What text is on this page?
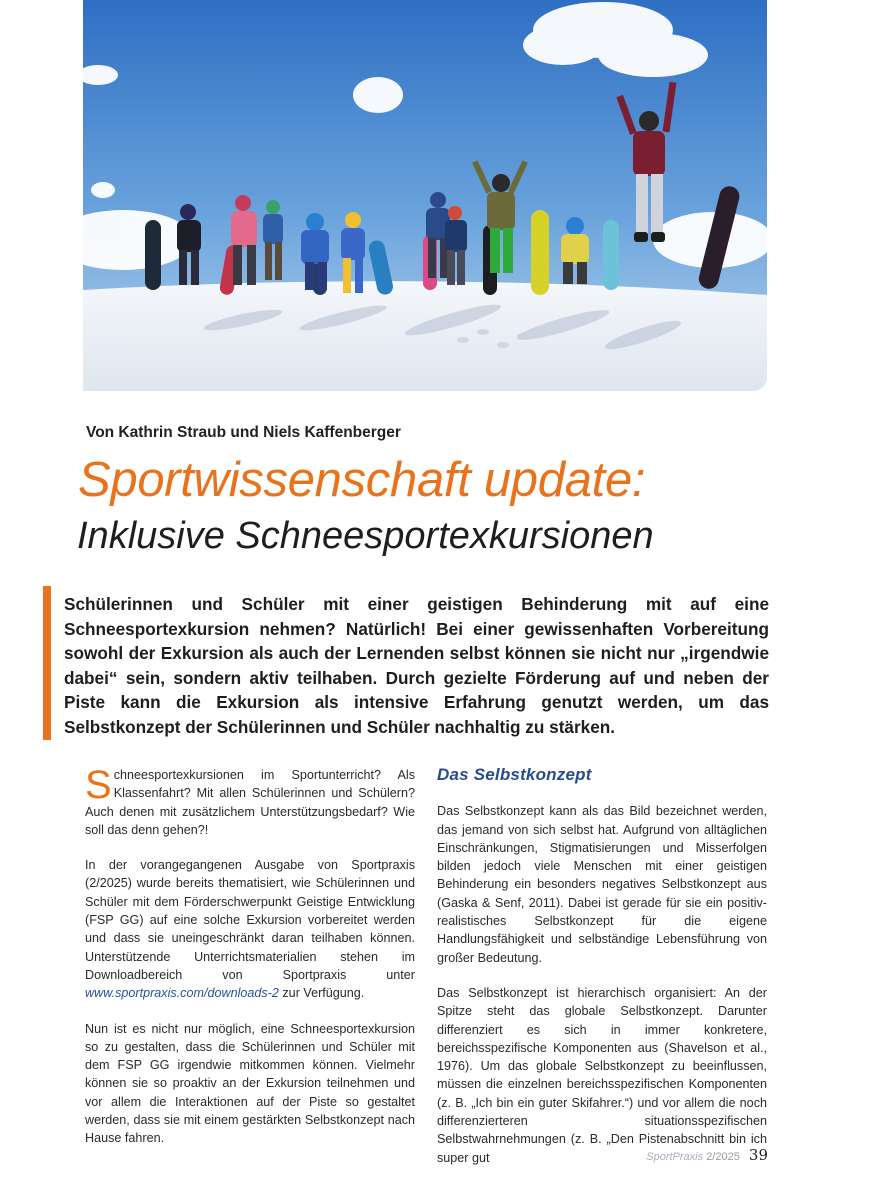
Von Kathrin Straub und Niels Kaffenberger
Sportwissenschaft update:
Inklusive Schneesportexkursionen
Schülerinnen und Schüler mit einer geistigen Behinderung mit auf eine Schneesportexkursion nehmen? Natürlich! Bei einer gewissenhaften Vorbereitung sowohl der Exkursion als auch der Lernenden selbst können sie nicht nur „irgendwie dabei“ sein, sondern aktiv teilhaben. Durch gezielte Förderung auf und neben der Piste kann die Exkursion als intensive Erfahrung genutzt werden, um das Selbstkonzept der Schülerinnen und Schüler nachhaltig zu stärken.

Schneesportexkursionen im Sportunterricht? Als Klassenfahrt? Mit allen Schülerinnen und Schülern? Auch denen mit zusätzlichem Unterstützungsbedarf? Wie soll das denn gehen?!

In der vorangegangenen Ausgabe von Sportpraxis (2/2025) wurde bereits thematisiert, wie Schülerinnen und Schüler mit dem Förderschwerpunkt Geistige Entwicklung (FSP GG) auf eine solche Exkursion vorbereitet werden und dass sie uneingeschränkt daran teilhaben können. Unterstützende Unterrichtsmaterialien stehen im Downloadbereich von Sportpraxis unter www.sportpraxis.com/downloads-2 zur Verfügung.

Nun ist es nicht nur möglich, eine Schneesportexkursion so zu gestalten, dass die Schülerinnen und Schüler mit dem FSP GG irgendwie mitkommen können. Vielmehr können sie so proaktiv an der Exkursion teilnehmen und vor allem die Interaktionen auf der Piste so gestaltet werden, dass sie mit einem gestärkten Selbstkonzept nach Hause fahren.

Das Selbstkonzept

Das Selbstkonzept kann als das Bild bezeichnet werden, das jemand von sich selbst hat. Aufgrund von alltäglichen Einschränkungen, Stigmatisierungen und Misserfolgen bilden jedoch viele Menschen mit einer geistigen Behinderung ein besonders negatives Selbstkonzept aus (Gaska & Senf, 2011). Dabei ist gerade für sie ein positiv-realistisches Selbstkonzept für die eigene Handlungsfähigkeit und selbständige Lebensführung von großer Bedeutung.

Das Selbstkonzept ist hierarchisch organisiert: An der Spitze steht das globale Selbstkonzept. Darunter differenziert es sich in immer konkretere, bereichsspezifische Komponenten aus (Shavelson et al., 1976). Um das globale Selbstkonzept zu beeinflussen, müssen die einzelnen bereichsspezifischen Komponenten (z. B. „Ich bin ein guter Skifahrer.“) und vor allem die noch differenzierteren situationsspezifischen Selbstwahrnehmungen (z. B. „Den Pistenabschnitt bin ich super gut	SportPraxis 2/2025 39
